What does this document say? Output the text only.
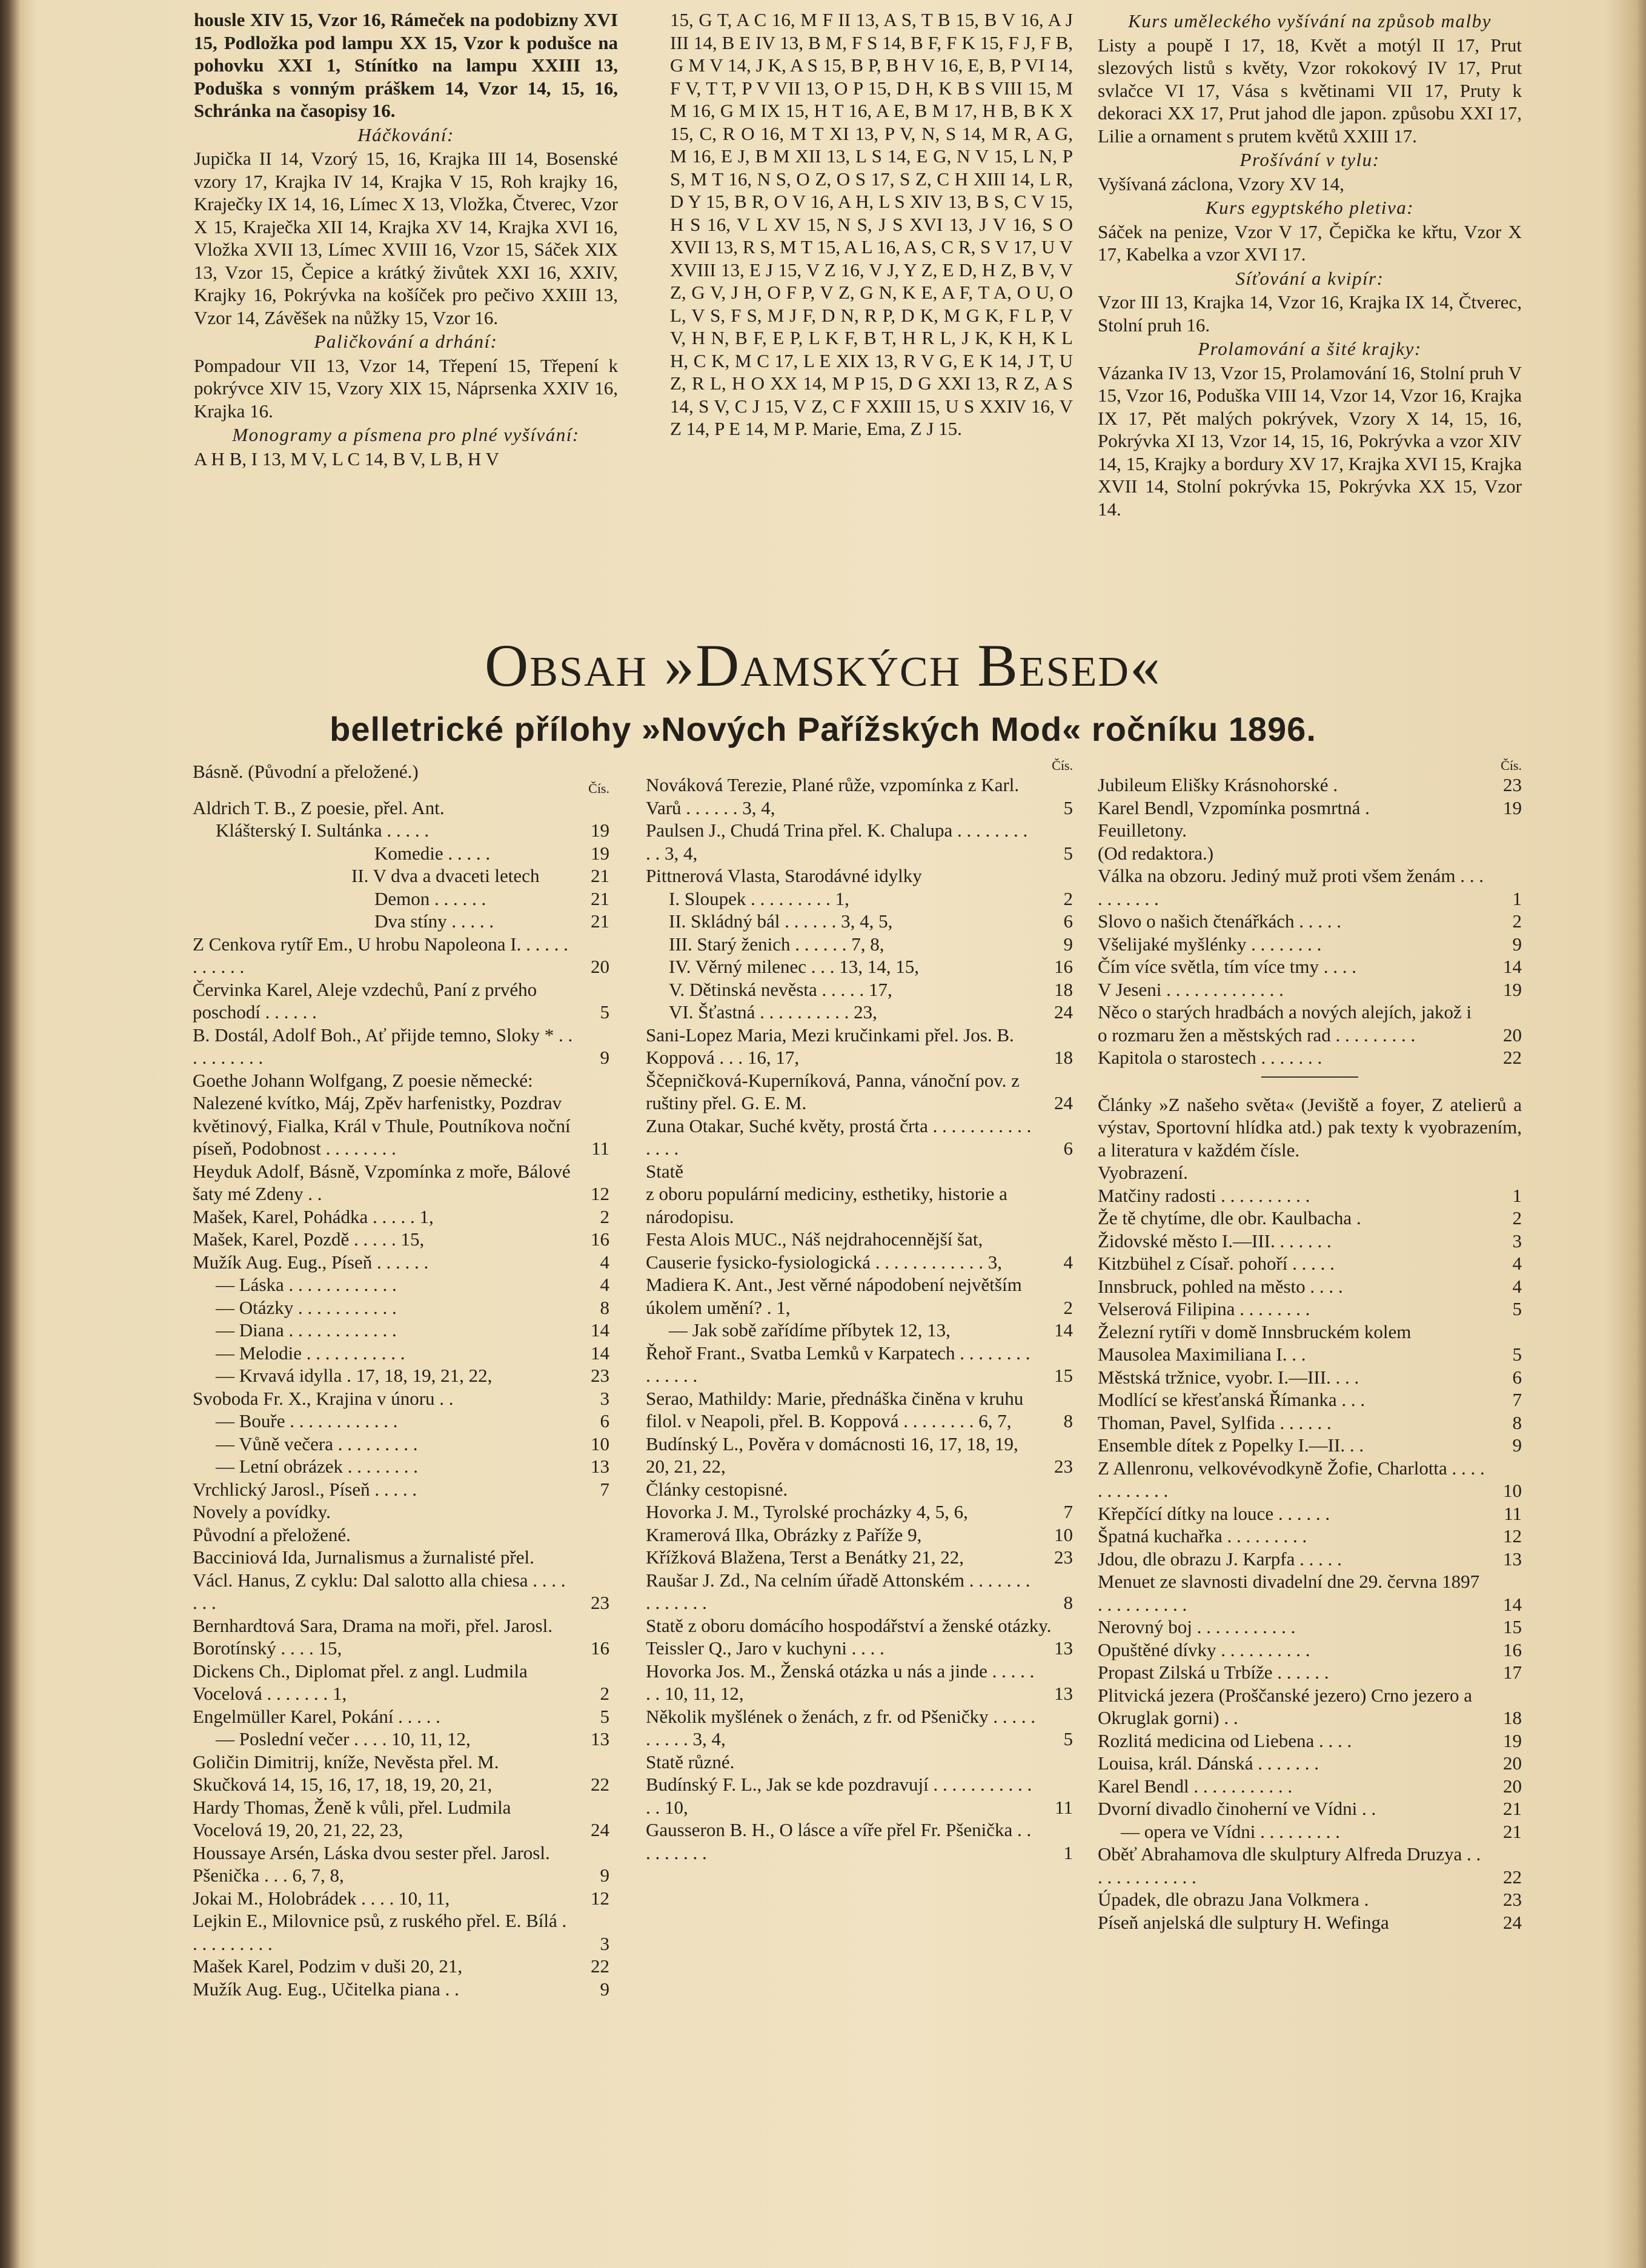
housle XIV 15, Vzor 16, Rámeček na podobizny XVI 15, Podložka pod lampu XX 15, Vzor k podušce na pohovku XXI 1, Stínítko na lampu XXIII 13, Poduška s vonným práškem 14, Vzor 14, 15, 16, Schránka na časopisy 16.
Háčkování:
Jupička II 14, Vzorý 15, 16, Krajka III 14, Bosenské vzory 17, Krajka IV 14, Krajka V 15, Roh krajky 16, Kraječky IX 14, 16, Límec X 13, Vložka, Čtverec, Vzor X 15, Kraječka XII 14, Krajka XV 14, Krajka XVI 16, Vložka XVII 13, Límec XVIII 16, Vzor 15, Sáček XIX 13, Vzor 15, Čepice a krátký živůtek XXI 16, XXIV, Krajky 16, Pokrývka na košíček pro pečivo XXIII 13, Vzor 14, Závěšek na nůžky 15, Vzor 16.
Paličkování a drhání:
Pompadour VII 13, Vzor 14, Třepení 15, Třepení k pokrývce XIV 15, Vzory XIX 15, Náprsenka XXIV 16, Krajka 16.
Monogramy a písmena pro plné vyšívání:
A H B, I 13, M V, L C 14, B V, L B, H V
15, G T, A C 16, M F II 13, A S, T B 15, B V 16, A J III 14, B E IV 13, B M, F S 14, B F, F K 15, F J, F B, G M V 14, J K, A S 15, B P, B H V 16, E, B, P VI 14, F V, T T, P V VII 13, O P 15, D H, K B S VIII 15, M M 16, G M IX 15, H T 16, A E, B M 17, H B, B K X 15, C, R O 16, M T XI 13, P V, N, S 14, M R, A G, M 16, E J, B M XII 13, L S 14, E G, N V 15, L N, P S, M T 16, N S, O Z, O S 17, S Z, C H XIII 14, L R, D Y 15, B R, O V 16, A H, L S XIV 13, B S, C V 15, H S 16, V L XV 15, N S, J S XVI 13, J V 16, S O XVII 13, R S, M T 15, A L 16, A S, C R, S V 17, U V XVIII 13, E J 15, V Z 16, V J, Y Z, E D, H Z, B V, V Z, G V, J H, O F P, V Z, G N, K E, A F, T A, O U, O L, V S, F S, M J F, D N, R P, D K, M G K, F L P, V V, H N, B F, E P, L K F, B T, H R L, J K, K H, K L H, C K, M C 17, L E XIX 13, R V G, E K 14, J T, U Z, R L, H O XX 14, M P 15, D G XXI 13, R Z, A S 14, S V, C J 15, V Z, C F XXIII 15, U S XXIV 16, V Z 14, P E 14, M P. Marie, Ema, Z J 15.
Kurs uměleckého vyšívání na způsob malby
Listy a poupě I 17, 18, Květ a motýl II 17, Prut slezových listů s květy, Vzor rokokový IV 17, Prut svlačce VI 17, Vása s květinami VII 17, Pruty k dekoraci XX 17, Prut jahod dle japon. způsobu XXI 17, Lilie a ornament s prutem květů XXIII 17.
Prošívání v tylu:
Vyšívaná záclona, Vzory XV 14,
Kurs egyptského pletiva:
Sáček na penize, Vzor V 17, Čepička ke křtu, Vzor X 17, Kabelka a vzor XVI 17.
Síťování a kvipír:
Vzor III 13, Krajka 14, Vzor 16, Krajka IX 14, Čtverec, Stolní pruh 16.
Prolamování a šité krajky:
Vázanka IV 13, Vzor 15, Prolamování 16, Stolní pruh V 15, Vzor 16, Poduška VIII 14, Vzor 14, Vzor 16, Krajka IX 17, Pět malých pokrývek, Vzory X 14, 15, 16, Pokrývka XI 13, Vzor 14, 15, 16, Pokrývka a vzor XIV 14, 15, Krajky a bordury XV 17, Krajka XVI 15, Krajka XVII 14, Stolní pokrývka 15, Pokrývka XX 15, Vzor 14.
Obsah »Damských Besed«
belletrické přílohy »Nových Pařížských Mod« ročníku 1896.
Básně. (Původní a přeložené.)
Čís.
Aldrich T. B., Z poesie, přel. Ant.
Klášterský I. Sultánka . . . . .	19
Komedie . . . . .	19
II. V dva a dvaceti letech	21
Demon . . . . . .	21
Dva stíny . . . . .	21
Z Cenkova rytíř Em., U hrobu Napoleona I. . . . . . . . . . . .	20
Červinka Karel, Aleje vzdechů, Paní z prvého poschodí . . . . . .	5
B. Dostál, Adolf Boh., Ať přijde temno, Sloky * . . . . . . . . . .	9
Goethe Johann Wolfgang, Z poesie německé: Nalezené kvítko, Máj, Zpěv harfenistky, Pozdrav květinový, Fialka, Král v Thule, Poutníkova noční píseň, Podobnost . . . . . . . .	11
Heyduk Adolf, Básně, Vzpomínka z moře, Bálové šaty mé Zdeny . .	12
Mašek, Karel, Pohádka . . . . . 1,	2
Mašek, Karel, Pozdě . . . . . 15,	16
Mužík Aug. Eug., Píseň . . . . . .	4
— Láska . . . . . . . . . . . .	4
— Otázky . . . . . . . . . . .	8
— Diana . . . . . . . . . . . .	14
— Melodie . . . . . . . . . . .	14
— Krvavá idylla . 17, 18, 19, 21, 22,	23
Svoboda Fr. X., Krajina v únoru . .	3
— Bouře . . . . . . . . . . . .	6
— Vůně večera . . . . . . . . .	10
— Letní obrázek . . . . . . . .	13
Vrchlický Jarosl., Píseň . . . . .	7
Novely a povídky.
Původní a přeložené.
Bacciniová Ida, Jurnalismus a žurnalisté přel. Václ. Hanus, Z cyklu: Dal salotto alla chiesa . . . . . . .	23
Bernhardtová Sara, Drama na moři, přel. Jarosl. Borotínský . . . . 15,	16
Dickens Ch., Diplomat přel. z angl. Ludmila Vocelová . . . . . . . 1,	2
Engelmüller Karel, Pokání . . . . .	5
— Poslední večer . . . . 10, 11, 12,	13
Goličin Dimitrij, kníže, Nevěsta přel. M. Skučková 14, 15, 16, 17, 18, 19, 20, 21,	22
Hardy Thomas, Ženě k vůli, přel. Ludmila Vocelová 19, 20, 21, 22, 23,	24
Houssaye Arsén, Láska dvou sester přel. Jarosl. Pšenička . . . 6, 7, 8,	9
Jokai M., Holobrádek . . . . 10, 11,	12
Lejkin E., Milovnice psů, z ruského přel. E. Bílá . . . . . . . . . .	3
Mašek Karel, Podzim v duši 20, 21,	22
Mužík Aug. Eug., Učitelka piana . .	9
Čís.
Nováková Terezie, Plané růže, vzpomínka z Karl. Varů . . . . . . 3, 4,	5
Paulsen J., Chudá Trina přel. K. Chalupa . . . . . . . . . . 3, 4,	5
Pittnerová Vlasta, Starodávné idylky
I. Sloupek . . . . . . . . . 1,	2
II. Skládný bál . . . . . . 3, 4, 5,	6
III. Starý ženich . . . . . . 7, 8,	9
IV. Věrný milenec . . . 13, 14, 15,	16
V. Dětinská nevěsta . . . . . 17,	18
VI. Šťastná . . . . . . . . . . 23,	24
Sani-Lopez Maria, Mezi kručinkami přel. Jos. B. Koppová . . . 16, 17,	18
Ščepničková-Kuperníková, Panna, vánoční pov. z ruštiny přel. G. E. M.	24
Zuna Otakar, Suché květy, prostá črta . . . . . . . . . . . . . . .	6
Statě
z oboru populární mediciny, esthetiky, historie a národopisu.
Festa Alois MUC., Náš nejdrahocennější šat, Causerie fysicko-fysiologická . . . . . . . . . . . . 3,	4
Madiera K. Ant., Jest věrné nápodobení největším úkolem umění? . 1,	2
— Jak sobě zařídíme příbytek 12, 13,	14
Řehoř Frant., Svatba Lemků v Karpatech . . . . . . . . . . . . . .	15
Serao, Mathildy: Marie, přednáška činěna v kruhu filol. v Neapoli, přel. B. Koppová . . . . . . . . 6, 7,	8
Budínský L., Pověra v domácnosti 16, 17, 18, 19, 20, 21, 22,	23
Články cestopisné.
Hovorka J. M., Tyrolské procházky 4, 5, 6,	7
Kramerová Ilka, Obrázky z Paříže 9,	10
Křížková Blažena, Terst a Benátky 21, 22,	23
Raušar J. Zd., Na celním úřadě Attonském . . . . . . . . . . . . . .	8
Statě z oboru domácího hospodářství a ženské otázky.
Teissler Q., Jaro v kuchyni . . . .	13
Hovorka Jos. M., Ženská otázka u nás a jinde . . . . . . . 10, 11, 12,	13
Několik myšlének o ženách, z fr. od Pšeničky . . . . . . . . . . 3, 4,	5
Statě různé.
Budínský F. L., Jak se kde pozdravují . . . . . . . . . . . . . 10,	11
Gausseron B. H., O lásce a víře přel Fr. Pšenička . . . . . . . . .	1
Čís.
Jubileum Elišky Krásnohorské .	23
Karel Bendl, Vzpomínka posmrtná .	19
Feuilletony.
(Od redaktora.)
Válka na obzoru. Jediný muž proti všem ženám . . . . . . . . . .	1
Slovo o našich čtenářkách . . . . .	2
Všelijaké myšlénky . . . . . . . .	9
Čím více světla, tím více tmy . . . .	14
V Jeseni . . . . . . . . . . . . .	19
Něco o starých hradbách a nových alejích, jakož i o rozmaru žen a městských rad . . . . . . . . .	20
Kapitola o starostech . . . . . . .	22
Články »Z našeho světa« (Jeviště a foyer, Z atelierů a výstav, Sportovní hlídka atd.) pak texty k vyobrazením, a literatura v každém čísle.
Vyobrazení.
Matčiny radosti . . . . . . . . . .	1
Že tě chytíme, dle obr. Kaulbacha .	2
Židovské město I.—III. . . . . . .	3
Kitzbühel z Císař. pohoří . . . . .	4
Innsbruck, pohled na město . . . .	4
Velserová Filipina . . . . . . . .	5
Železní rytíři v domě Innsbruckém kolem Mausolea Maximiliana I. . .	5
Městská tržnice, vyobr. I.—III. . . .	6
Modlící se křesťanská Římanka . . .	7
Thoman, Pavel, Sylfida . . . . . .	8
Ensemble dítek z Popelky I.—II. . .	9
Z Allenronu, velkovévodkyně Žofie, Charlotta . . . . . . . . . . . .	10
Křepčící dítky na louce . . . . . .	11
Špatná kuchařka . . . . . . . . .	12
Jdou, dle obrazu J. Karpfa . . . . .	13
Menuet ze slavnosti divadelní dne 29. června 1897 . . . . . . . . . .	14
Nerovný boj . . . . . . . . . . .	15
Opuštěné dívky . . . . . . . . . .	16
Propast Zilská u Trbíže . . . . . .	17
Plitvická jezera (Proščanské jezero) Crno jezero a Okruglak gorni) . .	18
Rozlitá medicina od Liebena . . . .	19
Louisa, král. Dánská . . . . . . .	20
Karel Bendl . . . . . . . . . . .	20
Dvorní divadlo činoherní ve Vídni . .	21
— opera ve Vídni . . . . . . . . .	21
Oběť Abrahamova dle skulptury Alfreda Druzya . . . . . . . . . . . . .	22
Úpadek, dle obrazu Jana Volkmera .	23
Píseň anjelská dle sulptury H. Wefinga	24
